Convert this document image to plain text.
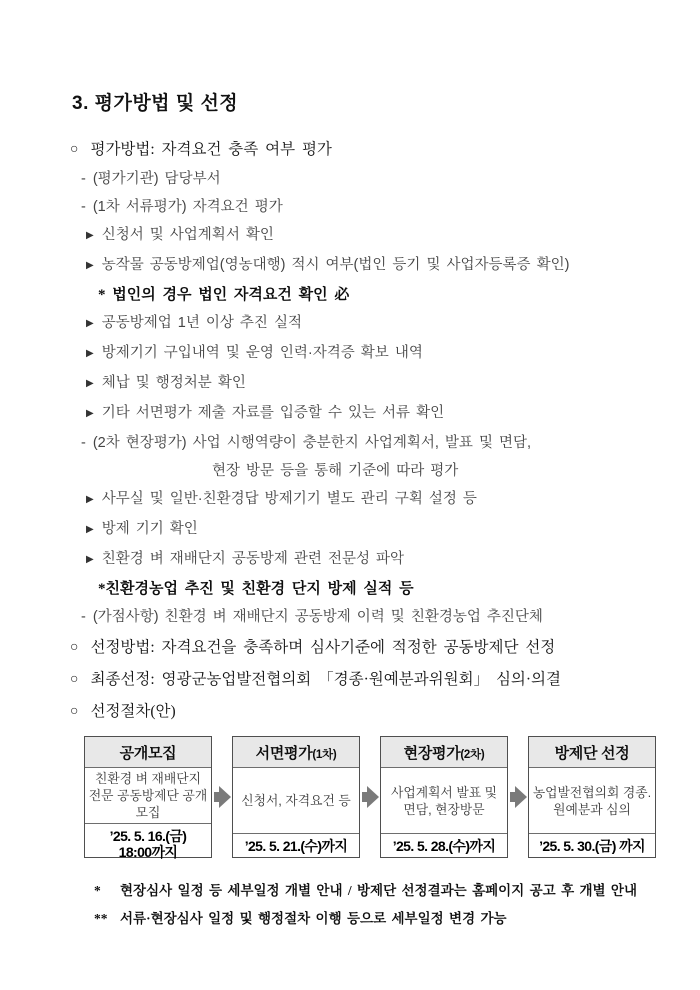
3. 평가방법 및 선정
○ 평가방법: 자격요건 충족 여부 평가
- (평가기관) 담당부서
- (1차 서류평가) 자격요건 평가
▶ 신청서 및 사업계획서 확인
▶ 농작물 공동방제업(영농대행) 적시 여부(법인 등기 및 사업자등록증 확인)
* 법인의 경우 법인 자격요건 확인 必
▶ 공동방제업 1년 이상 추진 실적
▶ 방제기기 구입내역 및 운영 인력·자격증 확보 내역
▶ 체납 및 행정처분 확인
▶ 기타 서면평가 제출 자료를 입증할 수 있는 서류 확인
- (2차 현장평가) 사업 시행역량이 충분한지 사업계획서, 발표 및 면담,
현장 방문 등을 통해 기준에 따라 평가
▶ 사무실 및 일반·친환경답 방제기기 별도 관리 구획 설정 등
▶ 방제 기기 확인
▶ 친환경 벼 재배단지 공동방제 관련 전문성 파악
*친환경농업 추진 및 친환경 단지 방제 실적 등
- (가점사항) 친환경 벼 재배단지 공동방제 이력 및 친환경농업 추진단체
○ 선정방법: 자격요건을 충족하며 심사기준에 적정한 공동방제단 선정
○ 최종선정: 영광군농업발전협의회 「경종·원예분과위원회」 심의·의결
○ 선정절차(안)
공개모집
친환경 벼 재배단지 전문 공동방제단 공개모집
’25. 5. 16.(금)
18:00까지
서면평가(1차)
신청서, 자격요건 등
’25. 5. 21.(수)까지
현장평가(2차)
사업계획서 발표 및 면담, 현장방문
’25. 5. 28.(수)까지
방제단 선정
농업발전협의회 경종.원예분과 심의
’25. 5. 30.(금) 까지
*	현장심사 일정 등 세부일정 개별 안내 / 방제단 선정결과는 홈페이지 공고 후 개별 안내
** 서류·현장심사 일정 및 행정절차 이행 등으로 세부일정 변경 가능
